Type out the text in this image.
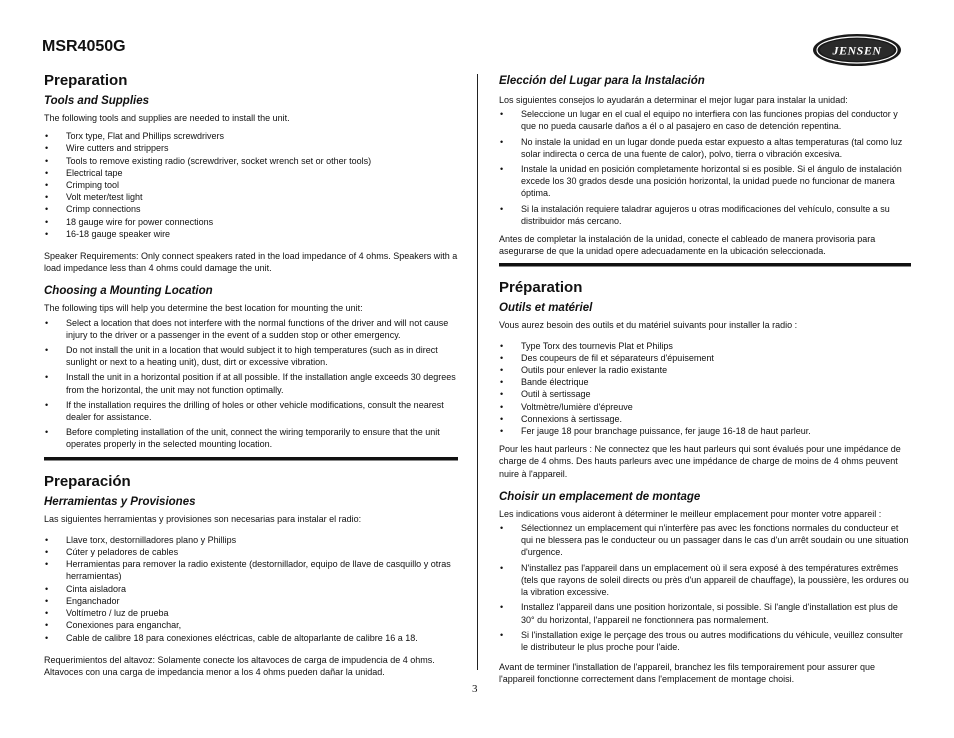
MSR4050G	JENSEN
Preparation
Tools and Supplies

The following tools and supplies are needed to install the unit.

• Torx type, Flat and Phillips screwdrivers
• Wire cutters and strippers
• Tools to remove existing radio (screwdriver, socket wrench set or other tools)
• Electrical tape
• Crimping tool
• Volt meter/test light
• Crimp connections
• 18 gauge wire for power connections
• 16-18 gauge speaker wire

Speaker Requirements: Only connect speakers rated in the load impedance of 4 ohms. Speakers with a load impedance less than 4 ohms could damage the unit.

Choosing a Mounting Location

The following tips will help you determine the best location for mounting the unit:

• Select a location that does not interfere with the normal functions of the driver and will not cause injury to the driver or a passenger in the event of a sudden stop or other emergency.
• Do not install the unit in a location that would subject it to high temperatures (such as in direct sunlight or next to a heating unit), dust, dirt or excessive vibration.
• Install the unit in a horizontal position if at all possible. If the installation angle exceeds 30 degrees from the horizontal, the unit may not function optimally.
• If the installation requires the drilling of holes or other vehicle modifications, consult the nearest dealer for assistance.
• Before completing installation of the unit, connect the wiring temporarily to ensure that the unit operates properly in the selected mounting location.
Preparación
Herramientas y Provisiones

Las siguientes herramientas y provisiones son necesarias para instalar el radio:

• Llave torx, destornilladores plano y Phillips
• Cúter y peladores de cables
• Herramientas para remover la radio existente (destornillador, equipo de llave de casquillo y otras herramientas)
• Cinta aisladora
• Enganchador
• Voltímetro / luz de prueba
• Conexiones para enganchar,
• Cable de calibre 18 para conexiones eléctricas, cable de altoparlante de calibre 16 a 18.

Requerimientos del altavoz: Solamente conecte los altavoces de carga de impudencia de 4 ohms. Altavoces con una carga de impedancia menor a los 4 ohms pueden dañar la unidad.

Elección del Lugar para la Instalación

Los siguientes consejos lo ayudarán a determinar el mejor lugar para instalar la unidad:

• Seleccione un lugar en el cual el equipo no interfiera con las funciones propias del conductor y que no pueda causarle daños a él o al pasajero en caso de detención repentina.
• No instale la unidad en un lugar donde pueda estar expuesto a altas temperaturas (tal como luz solar indirecta o cerca de una fuente de calor), polvo, tierra o vibración excesiva.
• Instale la unidad en posición completamente horizontal si es posible. Si el ángulo de instalación excede los 30 grados desde una posición horizontal, la unidad puede no funcionar de manera óptima.
• Si la instalación requiere taladrar agujeros u otras modificaciones del vehículo, consulte a su distribuidor más cercano.

Antes de completar la instalación de la unidad, conecte el cableado de manera provisoria para asegurarse de que la unidad opere adecuadamente en la ubicación seleccionada.

Préparation
Outils et matériel

Vous aurez besoin des outils et du matériel suivants pour installer la radio :

• Type Torx des tournevis Plat et Philips
• Des coupeurs de fil et séparateurs d'épuisement
• Outils pour enlever la radio existante
• Bande électrique
• Outil à sertissage
• Voltmètre/lumière d'épreuve
• Connexions à sertissage.
• Fer jauge 18 pour branchage puissance, fer jauge 16-18 de haut parleur.

Pour les haut parleurs : Ne connectez que les haut parleurs qui sont évalués pour une impédance de charge de 4 ohms. Des hauts parleurs avec une impédance de charge de moins de 4 ohms peuvent nuire à l'appareil.

Choisir un emplacement de montage

Les indications vous aideront à déterminer le meilleur emplacement pour monter votre appareil :

• Sélectionnez un emplacement qui n'interfère pas avec les fonctions normales du conducteur et qui ne blessera pas le conducteur ou un passager dans le cas d'un arrêt soudain ou une situation d'urgence.
• N'installez pas l'appareil dans un emplacement où il sera exposé à des températures extrêmes (tels que rayons de soleil directs ou près d'un appareil de chauffage), la poussière, les ordures ou la vibration excessive.
• Installez l'appareil dans une position horizontale, si possible. Si l'angle d'installation est plus de 30° du horizontal, l'appareil ne fonctionnera pas normalement.
• Si l'installation exige le perçage des trous ou autres modifications du véhicule, veuillez consulter le distributeur le plus proche pour l'aide.

Avant de terminer l'installation de l'appareil, branchez les fils temporairement pour assurer que l'appareil fonctionne correctement dans l'emplacement de montage choisi.

3
